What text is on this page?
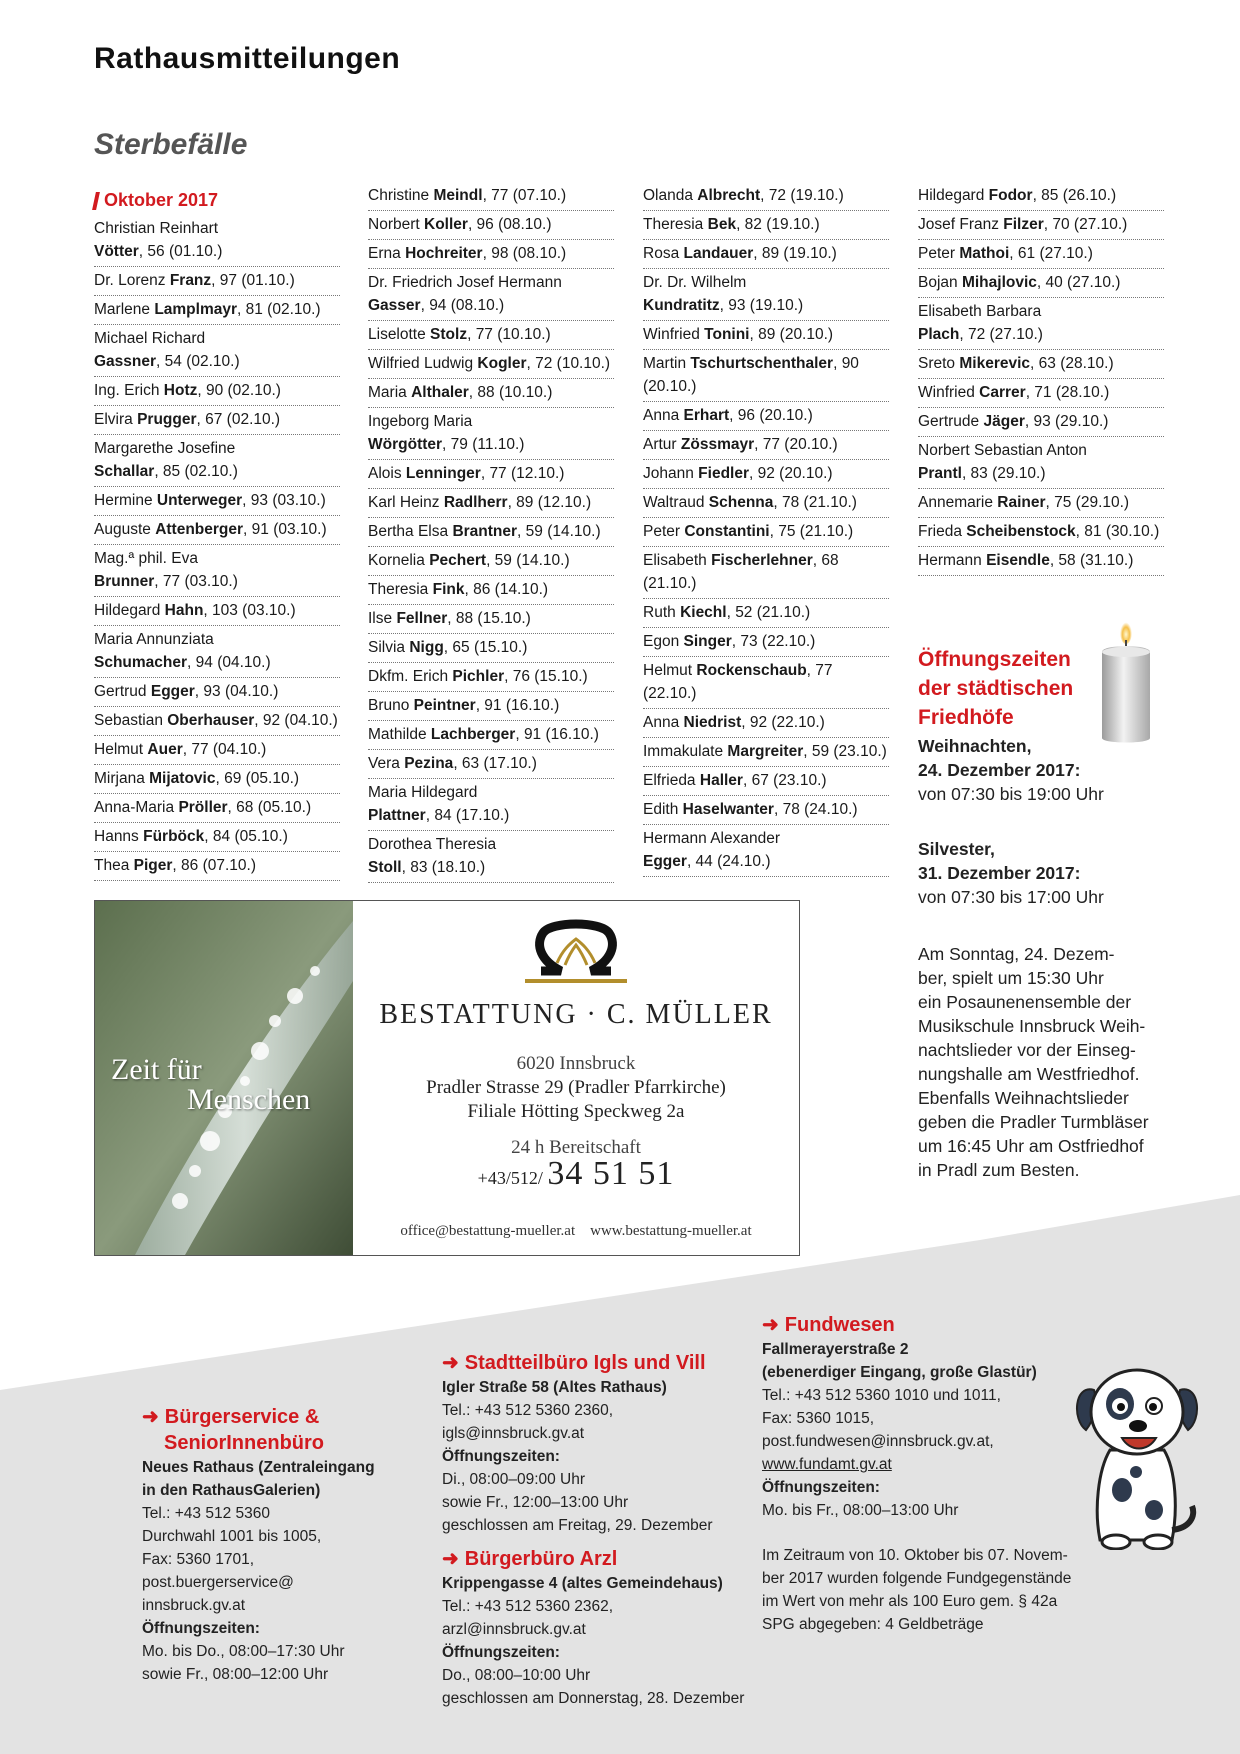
Rathausmitteilungen
Sterbefälle
Oktober 2017
Christian Reinhart
Vötter, 56 (01.10.)
Dr. Lorenz Franz, 97 (01.10.)
Marlene Lamplmayr, 81 (02.10.)
Michael Richard
Gassner, 54 (02.10.)
Ing. Erich Hotz, 90 (02.10.)
Elvira Prugger, 67 (02.10.)
Margarethe Josefine
Schallar, 85 (02.10.)
Hermine Unterweger, 93 (03.10.)
Auguste Attenberger, 91 (03.10.)
Mag.ª phil. Eva
Brunner, 77 (03.10.)
Hildegard Hahn, 103 (03.10.)
Maria Annunziata
Schumacher, 94 (04.10.)
Gertrud Egger, 93 (04.10.)
Sebastian Oberhauser, 92 (04.10.)
Helmut Auer, 77 (04.10.)
Mirjana Mijatovic, 69 (05.10.)
Anna-Maria Pröller, 68 (05.10.)
Hanns Fürböck, 84 (05.10.)
Thea Piger, 86 (07.10.)
Christine Meindl, 77 (07.10.)
Norbert Koller, 96 (08.10.)
Erna Hochreiter, 98 (08.10.)
Dr. Friedrich Josef Hermann
Gasser, 94 (08.10.)
Liselotte Stolz, 77 (10.10.)
Wilfried Ludwig Kogler, 72 (10.10.)
Maria Althaler, 88 (10.10.)
Ingeborg Maria
Wörgötter, 79 (11.10.)
Alois Lenninger, 77 (12.10.)
Karl Heinz Radlherr, 89 (12.10.)
Bertha Elsa Brantner, 59 (14.10.)
Kornelia Pechert, 59 (14.10.)
Theresia Fink, 86 (14.10.)
Ilse Fellner, 88 (15.10.)
Silvia Nigg, 65 (15.10.)
Dkfm. Erich Pichler, 76 (15.10.)
Bruno Peintner, 91 (16.10.)
Mathilde Lachberger, 91 (16.10.)
Vera Pezina, 63 (17.10.)
Maria Hildegard
Plattner, 84 (17.10.)
Dorothea Theresia
Stoll, 83 (18.10.)
Olanda Albrecht, 72 (19.10.)
Theresia Bek, 82 (19.10.)
Rosa Landauer, 89 (19.10.)
Dr. Dr. Wilhelm
Kundratitz, 93 (19.10.)
Winfried Tonini, 89 (20.10.)
Martin Tschurtschenthaler, 90 (20.10.)
Anna Erhart, 96 (20.10.)
Artur Zössmayr, 77 (20.10.)
Johann Fiedler, 92 (20.10.)
Waltraud Schenna, 78 (21.10.)
Peter Constantini, 75 (21.10.)
Elisabeth Fischerlehner, 68 (21.10.)
Ruth Kiechl, 52 (21.10.)
Egon Singer, 73 (22.10.)
Helmut Rockenschaub, 77 (22.10.)
Anna Niedrist, 92 (22.10.)
Immakulate Margreiter, 59 (23.10.)
Elfrieda Haller, 67 (23.10.)
Edith Haselwanter, 78 (24.10.)
Hermann Alexander
Egger, 44 (24.10.)
Hildegard Fodor, 85 (26.10.)
Josef Franz Filzer, 70 (27.10.)
Peter Mathoi, 61 (27.10.)
Bojan Mihajlovic, 40 (27.10.)
Elisabeth Barbara
Plach, 72 (27.10.)
Sreto Mikerevic, 63 (28.10.)
Winfried Carrer, 71 (28.10.)
Gertrude Jäger, 93 (29.10.)
Norbert Sebastian Anton
Prantl, 83 (29.10.)
Annemarie Rainer, 75 (29.10.)
Frieda Scheibenstock, 81 (30.10.)
Hermann Eisendle, 58 (31.10.)
Zeit für
Menschen
BESTATTUNG · C. MÜLLER
6020 Innsbruck
Pradler Strasse 29 (Pradler Pfarrkirche)
Filiale Hötting Speckweg 2a
24 h Bereitschaft
+43/512/ 34 51 51
office@bestattung-mueller.at www.bestattung-mueller.at
Öffnungszeiten
der städtischen
Friedhöfe
Weihnachten,
24. Dezember 2017:
von 07:30 bis 19:00 Uhr
Silvester,
31. Dezember 2017:
von 07:30 bis 17:00 Uhr
Am Sonntag, 24. Dezem-
ber, spielt um 15:30 Uhr
ein Posaunenensemble der
Musikschule Innsbruck Weih-
nachtslieder vor der Einseg-
nungshalle am Westfriedhof.
Ebenfalls Weihnachtslieder
geben die Pradler Turmbläser
um 16:45 Uhr am Ostfriedhof
in Pradl zum Besten.
➜ Bürgerservice &
SeniorInnenbüro
Neues Rathaus (Zentraleingang
in den RathausGalerien)
Tel.: +43 512 5360
Durchwahl 1001 bis 1005,
Fax: 5360 1701,
post.buergerservice@
innsbruck.gv.at
Öffnungszeiten:
Mo. bis Do., 08:00–17:30 Uhr
sowie Fr., 08:00–12:00 Uhr
➜ Stadtteilbüro Igls und Vill
Igler Straße 58 (Altes Rathaus)
Tel.: +43 512 5360 2360,
igls@innsbruck.gv.at
Öffnungszeiten:
Di., 08:00–09:00 Uhr
sowie Fr., 12:00–13:00 Uhr
geschlossen am Freitag, 29. Dezember
➜ Bürgerbüro Arzl
Krippengasse 4 (altes Gemeindehaus)
Tel.: +43 512 5360 2362,
arzl@innsbruck.gv.at
Öffnungszeiten:
Do., 08:00–10:00 Uhr
geschlossen am Donnerstag, 28. Dezember
➜ Fundwesen
Fallmerayerstraße 2
(ebenerdiger Eingang, große Glastür)
Tel.: +43 512 5360 1010 und 1011,
Fax: 5360 1015,
post.fundwesen@innsbruck.gv.at,
www.fundamt.gv.at
Öffnungszeiten:
Mo. bis Fr., 08:00–13:00 Uhr
Im Zeitraum von 10. Oktober bis 07. Novem-
ber 2017 wurden folgende Fundgegenstände
im Wert von mehr als 100 Euro gem. § 42a
SPG abgegeben: 4 Geldbeträge
